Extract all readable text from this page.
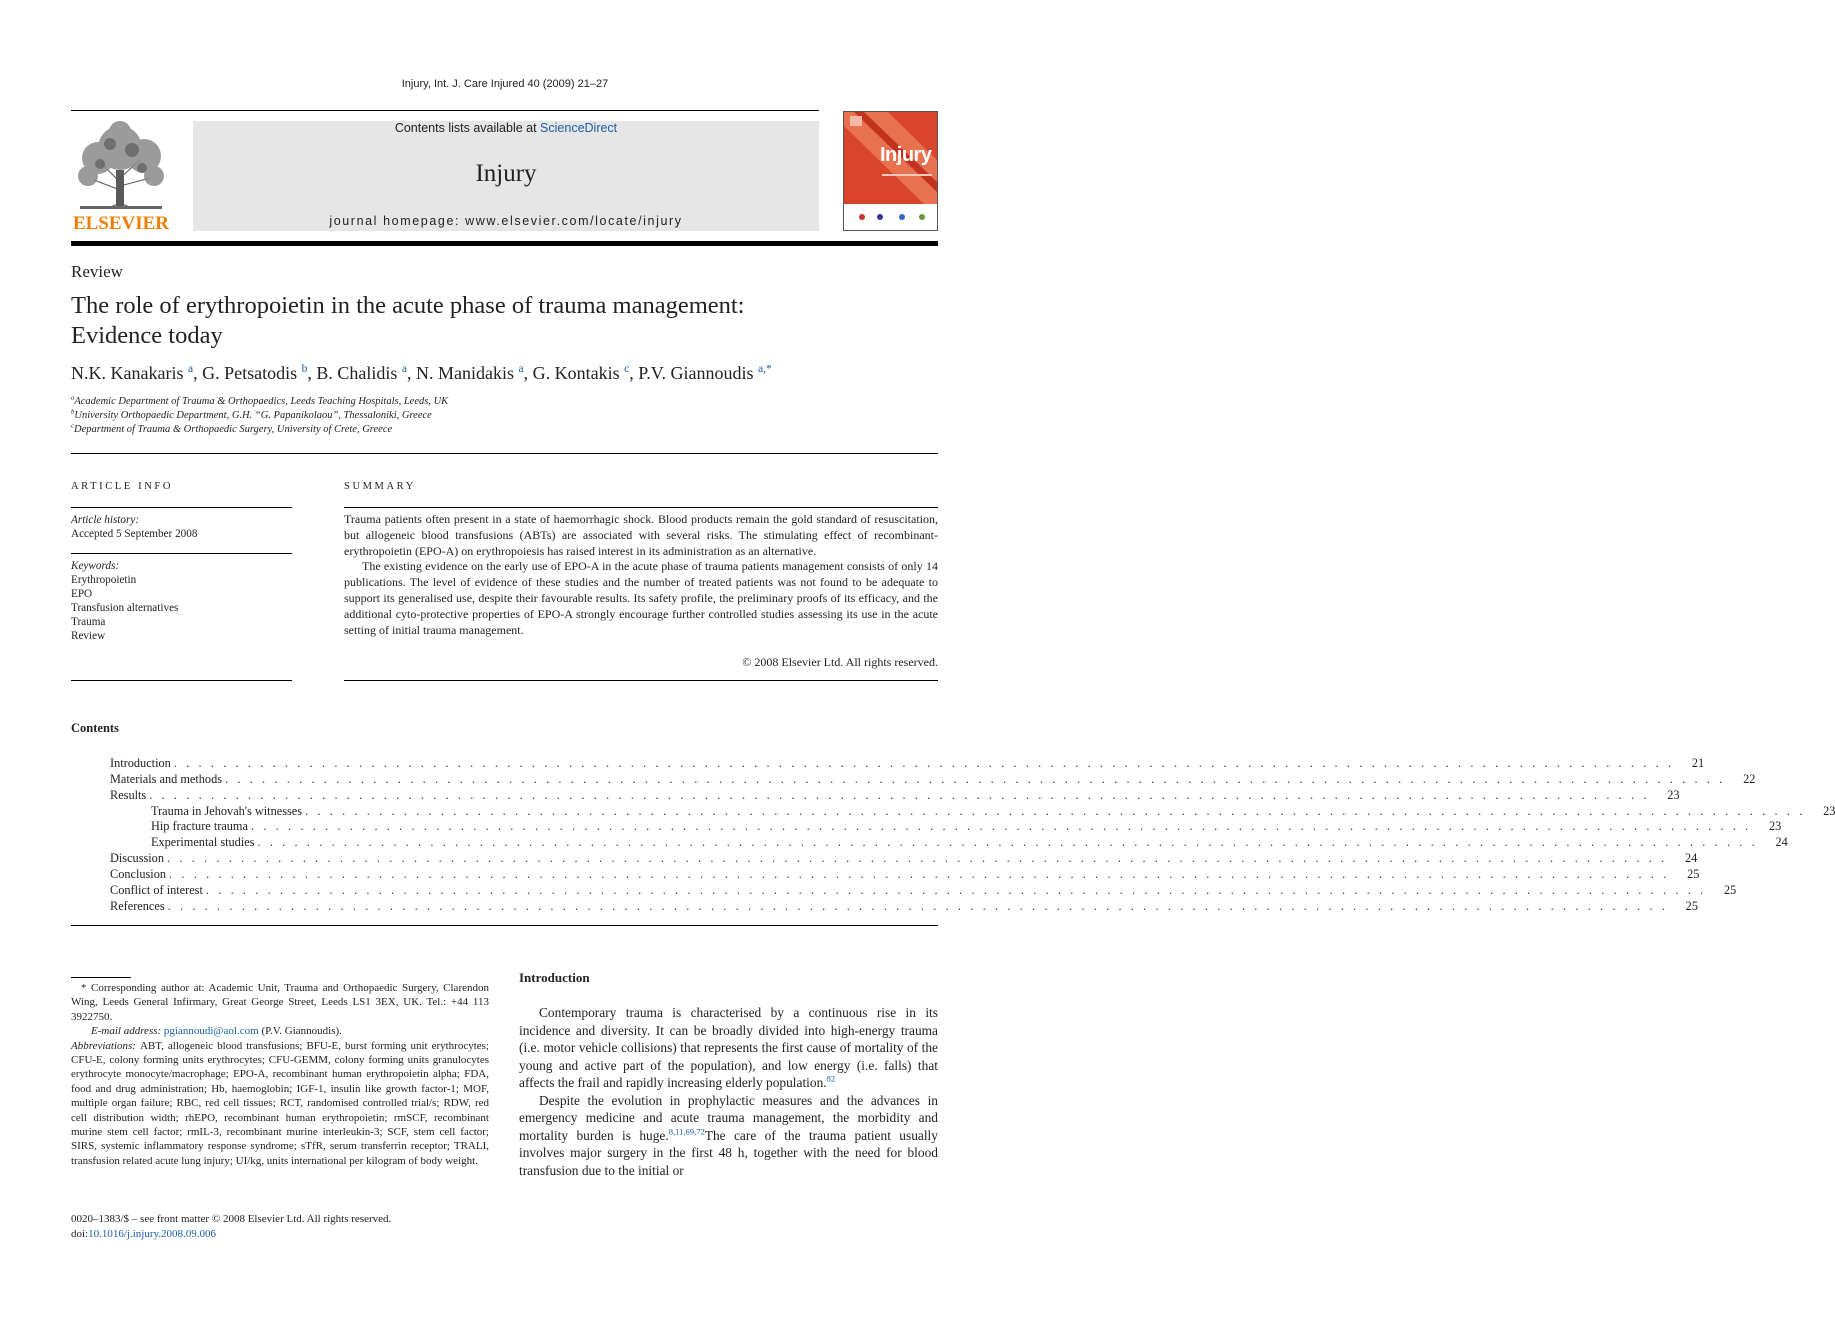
Injury, Int. J. Care Injured 40 (2009) 21–27
ELSEVIER
Contents lists available at ScienceDirect
Injury
journal homepage: www.elsevier.com/locate/injury
Injury
Review
The role of erythropoietin in the acute phase of trauma management:
Evidence today
N.K. Kanakaris $^a$, G. Petsatodis $^b$, B. Chalidis $^a$, N. Manidakis $^a$, G. Kontakis $^c$, P.V. Giannoudis $^{a,*}$
$^a$Academic Department of Trauma & Orthopaedics, Leeds Teaching Hospitals, Leeds, UK
$^b$University Orthopaedic Department, G.H. “G. Papanikolaou”, Thessaloniki, Greece
$^c$Department of Trauma & Orthopaedic Surgery, University of Crete, Greece
ARTICLE INFO
Article history:
Accepted 5 September 2008
Keywords:
Erythropoietin
EPO
Transfusion alternatives
Trauma
Review
SUMMARY

Trauma patients often present in a state of haemorrhagic shock. Blood products remain the gold standard of resuscitation, but allogeneic blood transfusions (ABTs) are associated with several risks. The stimulating effect of recombinant-erythropoietin (EPO-A) on erythropoiesis has raised interest in its administration as an alternative.

The existing evidence on the early use of EPO-A in the acute phase of trauma patients management consists of only 14 publications. The level of evidence of these studies and the number of treated patients was not found to be adequate to support its generalised use, despite their favourable results. Its safety profile, the preliminary proofs of its efficacy, and the additional cyto-protective properties of EPO-A strongly encourage further controlled studies assessing its use in the acute setting of initial trauma management.

© 2008 Elsevier Ltd. All rights reserved.
Contents
Introduction . . . . . . . . . . . . . . . . . . . . . . . . . . . . . . . . . . . . . . . . . . . . . . . . . . . . . . . . . . . . . . . . . . . . . . . . . . . . . . . . . . . . . . . . . . . . . . . . . . . . . . . . . . . . . . . . . . . . . . . . . .	21
Materials and methods . . . . . . . . . . . . . . . . . . . . . . . . . . . . . . . . . . . . . . . . . . . . . . . . . . . . . . . . . . . . . . . . . . . . . . . . . . . . . . . . . . . . . . . . . . . . . . . . . . . . . . . . . . . . . . . . . . . . . . . . . .	22
Results . . . . . . . . . . . . . . . . . . . . . . . . . . . . . . . . . . . . . . . . . . . . . . . . . . . . . . . . . . . . . . . . . . . . . . . . . . . . . . . . . . . . . . . . . . . . . . . . . . . . . . . . . . . . . . . . . . . . . . . . . .	23
Trauma in Jehovah's witnesses . . . . . . . . . . . . . . . . . . . . . . . . . . . . . . . . . . . . . . . . . . . . . . . . . . . . . . . . . . . . . . . . . . . . . . . . . . . . . . . . . . . . . . . . . . . . . . . . . . . . . . . . . . . . . . . . . . . . . . . . . .	23
Hip fracture trauma . . . . . . . . . . . . . . . . . . . . . . . . . . . . . . . . . . . . . . . . . . . . . . . . . . . . . . . . . . . . . . . . . . . . . . . . . . . . . . . . . . . . . . . . . . . . . . . . . . . . . . . . . . . . . . . . . . . . . . . . . .	23
Experimental studies . . . . . . . . . . . . . . . . . . . . . . . . . . . . . . . . . . . . . . . . . . . . . . . . . . . . . . . . . . . . . . . . . . . . . . . . . . . . . . . . . . . . . . . . . . . . . . . . . . . . . . . . . . . . . . . . . . . . . . . . . .	24
Discussion . . . . . . . . . . . . . . . . . . . . . . . . . . . . . . . . . . . . . . . . . . . . . . . . . . . . . . . . . . . . . . . . . . . . . . . . . . . . . . . . . . . . . . . . . . . . . . . . . . . . . . . . . . . . . . . . . . . . . . . . . .	24
Conclusion . . . . . . . . . . . . . . . . . . . . . . . . . . . . . . . . . . . . . . . . . . . . . . . . . . . . . . . . . . . . . . . . . . . . . . . . . . . . . . . . . . . . . . . . . . . . . . . . . . . . . . . . . . . . . . . . . . . . . . . . . .	25
Conflict of interest . . . . . . . . . . . . . . . . . . . . . . . . . . . . . . . . . . . . . . . . . . . . . . . . . . . . . . . . . . . . . . . . . . . . . . . . . . . . . . . . . . . . . . . . . . . . . . . . . . . . . . . . . . . . . . . . . . . . . . . . . .	25
References . . . . . . . . . . . . . . . . . . . . . . . . . . . . . . . . . . . . . . . . . . . . . . . . . . . . . . . . . . . . . . . . . . . . . . . . . . . . . . . . . . . . . . . . . . . . . . . . . . . . . . . . . . . . . . . . . . . . . . . . . .	25

* Corresponding author at: Academic Unit, Trauma and Orthopaedic Surgery, Clarendon Wing, Leeds General Infirmary, Great George Street, Leeds LS1 3EX, UK. Tel.: +44 113 3922750.

E-mail address: pgiannoudi@aol.com (P.V. Giannoudis).

Abbreviations: ABT, allogeneic blood transfusions; BFU-E, burst forming unit erythrocytes; CFU-E, colony forming units erythrocytes; CFU-GEMM, colony forming units granulocytes erythrocyte monocyte/macrophage; EPO-A, recombinant human erythropoietin alpha; FDA, food and drug administration; Hb, haemoglobin; IGF-1, insulin like growth factor-1; MOF, multiple organ failure; RBC, red cell tissues; RCT, randomised controlled trial/s; RDW, red cell distribution width; rhEPO, recombinant human erythropoietin; rmSCF, recombinant murine stem cell factor; rmIL-3, recombinant murine interleukin-3; SCF, stem cell factor; SIRS, systemic inflammatory response syndrome; sTfR, serum transferrin receptor; TRALI, transfusion related acute lung injury; UI/kg, units international per kilogram of body weight.

0020–1383/$ – see front matter © 2008 Elsevier Ltd. All rights reserved.
doi:10.1016/j.injury.2008.09.006
Introduction

Contemporary trauma is characterised by a continuous rise in its incidence and diversity. It can be broadly divided into high-energy trauma (i.e. motor vehicle collisions) that represents the first cause of mortality of the young and active part of the population), and low energy (i.e. falls) that affects the frail and rapidly increasing elderly population.$^{82}$

Despite the evolution in prophylactic measures and the advances in emergency medicine and acute trauma management, the morbidity and mortality burden is huge.$^{8,11,69,72}$The care of the trauma patient usually involves major surgery in the first 48 h, together with the need for blood transfusion due to the initial or
